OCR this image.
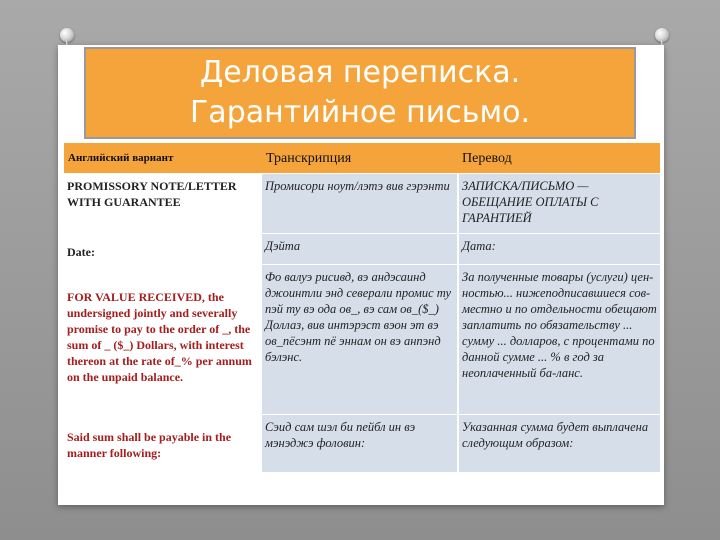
Деловая переписка.
Гарантийное письмо.
Английский вариант	Транскрипция	Перевод
PROMISSORY NOTE/LETTER WITH GUARANTEE	Промисори ноут/лэтэ вив гэрэнти	ЗАПИСКА/ПИСЬМО — ОБЕЩАНИЕ ОПЛАТЫ С ГАРАНТИЕЙ
Date:	Дэйта	Дата:
FOR VALUE RECEIVED, the undersigned jointly and severally promise to pay to the order of _, the sum of _ ($_) Dollars, with interest thereon at the rate of_% per annum on the unpaid balance.	Фо валуэ рисивд, вэ андэсаинд джоинтли энд северали промис ту пэй ту вэ ода ов_, вэ сам ов_($_) Доллаз, вив интэрэст вэон эт вэ ов_пёсэнт пё эннам он вэ анпэнд бэлэнс.	За полученные товары (услуги) цен-ностью... нижеподписавшиеся сов-местно и по отдельности обещают заплатить по обязательству ... сумму ... долларов, с процентами по данной сумме ... % в год за неоплаченный ба-ланс.
Said sum shall be payable in the manner following:	Сэид сам шэл би пейбл ин вэ мэнэджэ фоловин:	Указанная сумма будет выплачена следующим образом:
